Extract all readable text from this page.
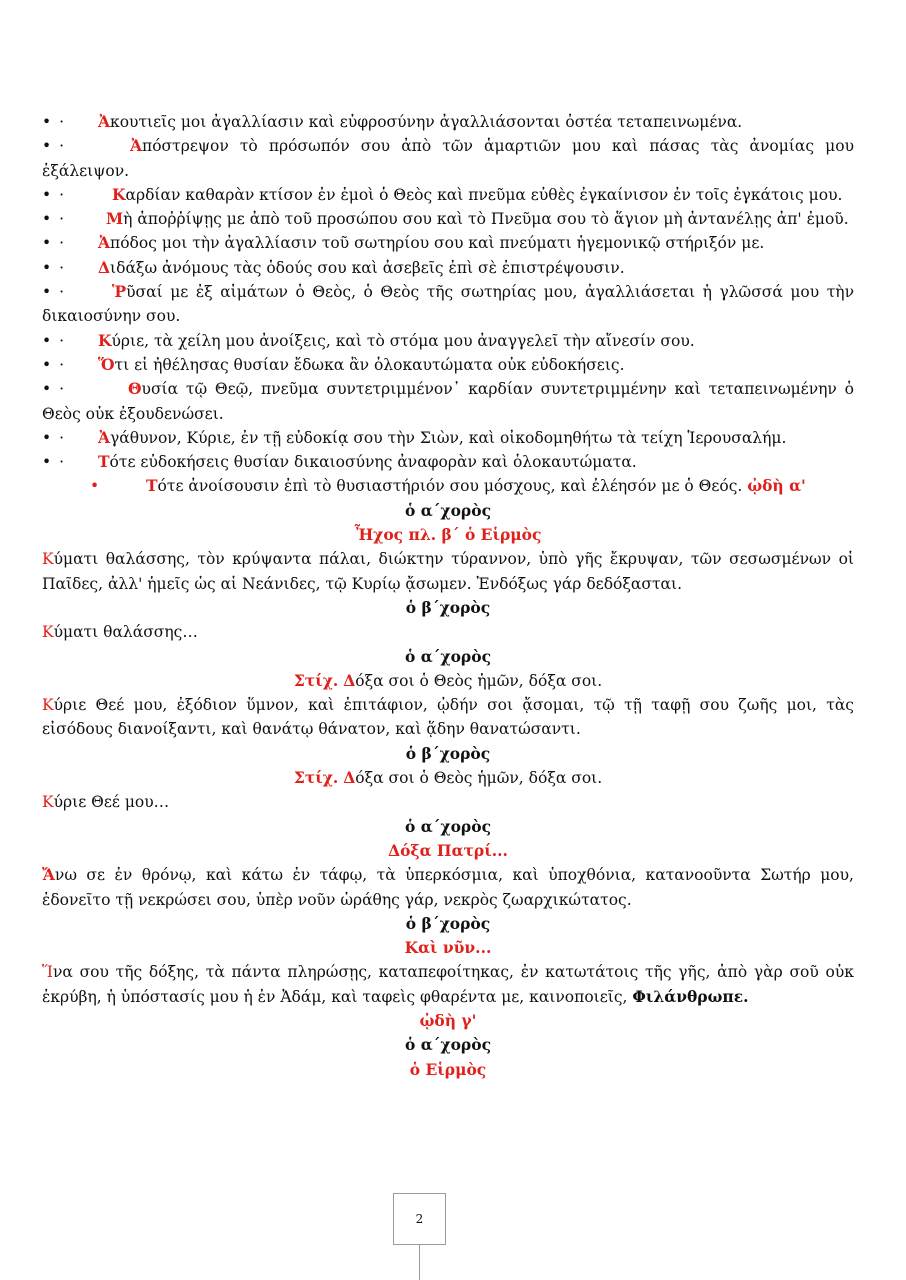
• · Ἀκουτιεῖς μοι ἀγαλλίασιν καὶ εὐφροσύνην ἀγαλλιάσονται ὀστέα τεταπεινωμένα.

• ·	Ἀπόστρεψον τὸ πρόσωπόν σου ἀπὸ τῶν ἁμαρτιῶν μου καὶ πάσας τὰς ἀνομίας μου ἐξάλειψον.

• ·	Καρδίαν καθαρὰν κτίσον ἐν ἐμοὶ ὁ Θεὸς καὶ πνεῦμα εὐθὲς ἐγκαίνισον ἐν τοῖς ἐγκάτοις μου.

• ·	Μὴ ἀποῤῥίψῃς με ἀπὸ τοῦ προσώπου σου καὶ τὸ Πνεῦμα σου τὸ ἅγιον μὴ ἀντανέλῃς ἀπ' ἐμοῦ.

• · Ἀπόδος μοι τὴν ἀγαλλίασιν τοῦ σωτηρίου σου καὶ πνεύματι ἡγεμονικῷ στήριξόν με.

• · Διδάξω ἀνόμους τὰς ὁδούς σου καὶ ἀσεβεῖς ἐπὶ σὲ ἐπιστρέψουσιν.

• ·	Ῥῦσαί με ἐξ αἱμάτων ὁ Θεὸς, ὁ Θεὸς τῆς σωτηρίας μου, ἀγαλλιάσεται ἡ γλῶσσά μου τὴν δικαιοσύνην σου.

• · Κύριε, τὰ χείλη μου ἀνοίξεις, καὶ τὸ στόμα μου ἀναγγελεῖ τὴν αἴνεσίν σου.

• · Ὅτι εἰ ἠθέλησας θυσίαν ἔδωκα ἂν ὁλοκαυτώματα οὐκ εὐδοκήσεις.

• ·	Θυσία τῷ Θεῷ, πνεῦμα συντετριμμένον᾽ καρδίαν συντετριμμένην καὶ τεταπεινωμένην ὁ Θεὸς οὐκ ἐξουδενώσει.

• · Ἀγάθυνον, Κύριε, ἐν τῇ εὐδοκίᾳ σου τὴν Σιὼν, καὶ οἰκοδομηθήτω τὰ τείχη Ἱερουσαλήμ.

• · Τότε εὐδοκήσεις θυσίαν δικαιοσύνης ἀναφορὰν καὶ ὁλοκαυτώματα.

•	Τότε ἀνοίσουσιν ἐπὶ τὸ θυσιαστήριόν σου μόσχους, καὶ ἐλέησόν με ὁ Θεός. ᾠδὴ α'

ὁ α΄χορὸς

Ἦχος πλ. β΄ ὁ Εἱρμὸς

Κύματι θαλάσσης, τὸν κρύψαντα πάλαι, διώκτην τύραννον, ὑπὸ γῆς ἔκρυψαν, τῶν σεσωσμένων οἱ Παῖδες, ἀλλ' ἡμεῖς ὡς αἱ Νεάνιδες, τῷ Κυρίῳ ᾄσωμεν. Ἐνδόξως γάρ δεδόξασται.

ὁ β΄χορὸς

Κύματι θαλάσσης…

ὁ α΄χορὸς

Στίχ. Δόξα σοι ὁ Θεὸς ἡμῶν, δόξα σοι.

Κύριε Θεέ μου, ἐξόδιον ὕμνον, καὶ ἐπιτάφιον, ᾠδήν σοι ᾄσομαι, τῷ τῇ ταφῇ σου ζωῆς μοι, τὰς εἰσόδους διανοίξαντι, καὶ θανάτῳ θάνατον, καὶ ᾅδην θανατώσαντι.

ὁ β΄χορὸς

Στίχ. Δόξα σοι ὁ Θεὸς ἡμῶν, δόξα σοι.

Κύριε Θεέ μου…

ὁ α΄χορὸς

Δόξα Πατρί...

Ἄνω σε ἐν θρόνῳ, καὶ κάτω ἐν τάφῳ, τὰ ὑπερκόσμια, καὶ ὑποχθόνια, κατανοοῦντα Σωτήρ μου, ἐδονεῖτο τῇ νεκρώσει σου, ὑπὲρ νοῦν ὡράθης γάρ, νεκρὸς ζωαρχικώτατος.

ὁ β΄χορὸς

Καὶ νῦν...

Ἵνα σου τῆς δόξης, τὰ πάντα πληρώσῃς, καταπεφοίτηκας, ἐν κατωτάτοις τῆς γῆς, ἀπὸ γὰρ σοῦ οὐκ ἐκρύβη, ἡ ὑπόστασίς μου ἡ ἐν Ἀδάμ, καὶ ταφεὶς φθαρέντα με, καινοποιεῖς, Φιλάνθρωπε.

ᾠδὴ γ'

ὁ α΄χορὸς

ὁ Εἱρμὸς

2
